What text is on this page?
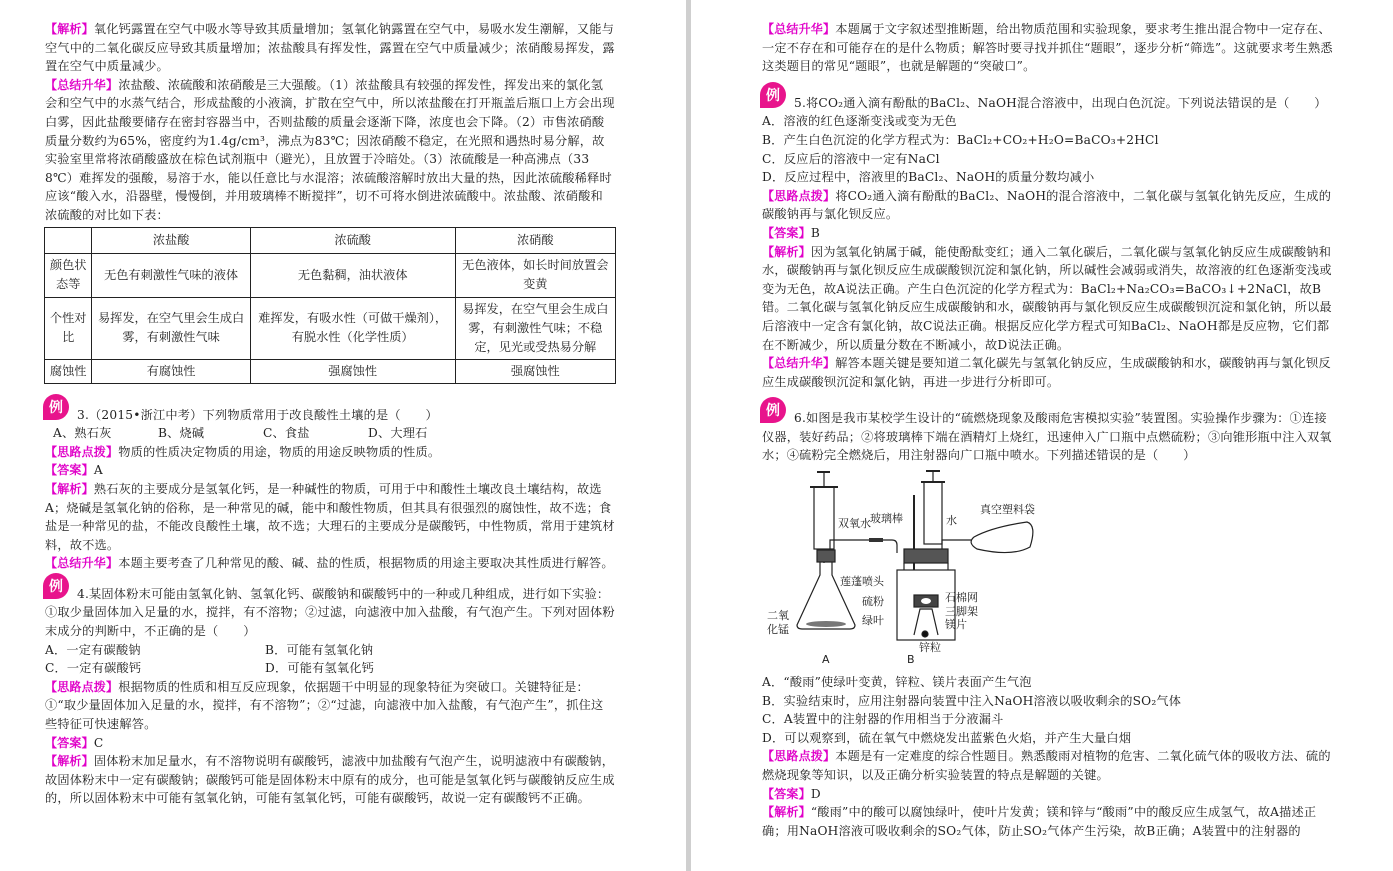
【解析】氧化钙露置在空气中吸水等导致其质量增加；氢氧化钠露置在空气中，易吸水发生潮解，又能与空气中的二氧化碳反应导致其质量增加；浓盐酸具有挥发性，露置在空气中质量减少；浓硝酸易挥发，露置在空气中质量减少。

【总结升华】浓盐酸、浓硫酸和浓硝酸是三大强酸。（1）浓盐酸具有较强的挥发性，挥发出来的氯化氢会和空气中的水蒸气结合，形成盐酸的小液滴，扩散在空气中，所以浓盐酸在打开瓶盖后瓶口上方会出现白雾，因此盐酸要储存在密封容器当中，否则盐酸的质量会逐渐下降，浓度也会下降。（2）市售浓硝酸质量分数约为65%，密度约为1.4g/cm³，沸点为83℃；因浓硝酸不稳定，在光照和遇热时易分解，故实验室里常将浓硝酸盛放在棕色试剂瓶中（避光），且放置于冷暗处。（3）浓硫酸是一种高沸点（338℃）难挥发的强酸，易溶于水，能以任意比与水混溶；浓硫酸溶解时放出大量的热，因此浓硫酸稀释时应该“酸入水，沿器壁，慢慢倒，并用玻璃棒不断搅拌”，切不可将水倒进浓硫酸中。浓盐酸、浓硝酸和浓硫酸的对比如下表：

	浓盐酸	浓硫酸	浓硝酸
颜色状态等	无色有刺激性气味的液体	无色黏稠，油状液体	无色液体，如长时间放置会变黄
个性对比	易挥发，在空气里会生成白雾，有刺激性气味	难挥发，有吸水性（可做干燥剂），有脱水性（化学性质）	易挥发，在空气里会生成白雾，有刺激性气味；不稳定，见光或受热易分解
腐蚀性	有腐蚀性	强腐蚀性	强腐蚀性
例	3.（2015•浙江中考）下列物质常用于改良酸性土壤的是（　　）

A、熟石灰	B、烧碱	C、食盐	D、大理石

【思路点拨】物质的性质决定物质的用途，物质的用途反映物质的性质。

【答案】A

【解析】熟石灰的主要成分是氢氧化钙，是一种碱性的物质，可用于中和酸性土壤改良土壤结构，故选A；烧碱是氢氧化钠的俗称，是一种常见的碱，能中和酸性物质，但其具有很强烈的腐蚀性，故不选；食盐是一种常见的盐，不能改良酸性土壤，故不选；大理石的主要成分是碳酸钙，中性物质，常用于建筑材料，故不选。

【总结升华】本题主要考查了几种常见的酸、碱、盐的性质，根据物质的用途主要取决其性质进行解答。

例	4.某固体粉末可能由氢氧化钠、氢氧化钙、碳酸钠和碳酸钙中的一种或几种组成，进行如下实验：①取少量固体加入足量的水，搅拌，有不溶物；②过滤，向滤液中加入盐酸，有气泡产生。下列对固体粉末成分的判断中，不正确的是（　　）

A．一定有碳酸钠	B．可能有氢氧化钠

C．一定有碳酸钙	D．可能有氢氧化钙

【思路点拨】根据物质的性质和相互反应现象，依据题干中明显的现象特征为突破口。关键特征是：①“取少量固体加入足量的水，搅拌，有不溶物”；②“过滤，向滤液中加入盐酸，有气泡产生”，抓住这些特征可快速解答。

【答案】C

【解析】固体粉末加足量水，有不溶物说明有碳酸钙，滤液中加盐酸有气泡产生，说明滤液中有碳酸钠，故固体粉末中一定有碳酸钠；碳酸钙可能是固体粉末中原有的成分，也可能是氢氧化钙与碳酸钠反应生成的，所以固体粉末中可能有氢氧化钠，可能有氢氧化钙，可能有碳酸钙，故说一定有碳酸钙不正确。

【总结升华】本题属于文字叙述型推断题，给出物质范围和实验现象，要求考生推出混合物中一定存在、一定不存在和可能存在的是什么物质；解答时要寻找并抓住“题眼”，逐步分析“筛选”。这就要求考生熟悉这类题目的常见“题眼”，也就是解题的“突破口”。

例	5.将CO₂通入滴有酚酞的BaCl₂、NaOH混合溶液中，出现白色沉淀。下列说法错误的是（　　）

A．溶液的红色逐渐变浅或变为无色

B．产生白色沉淀的化学方程式为：BaCl₂+CO₂+H₂O=BaCO₃+2HCl

C．反应后的溶液中一定有NaCl

D．反应过程中，溶液里的BaCl₂、NaOH的质量分数均减小

【思路点拨】将CO₂通入滴有酚酞的BaCl₂、NaOH的混合溶液中，二氧化碳与氢氧化钠先反应，生成的碳酸钠再与氯化钡反应。

【答案】B

【解析】因为氢氧化钠属于碱，能使酚酞变红；通入二氧化碳后，二氧化碳与氢氧化钠反应生成碳酸钠和水，碳酸钠再与氯化钡反应生成碳酸钡沉淀和氯化钠，所以碱性会减弱或消失，故溶液的红色逐渐变浅或变为无色，故A说法正确。产生白色沉淀的化学方程式为：BaCl₂+Na₂CO₃=BaCO₃↓+2NaCl，故B错。二氧化碳与氢氧化钠反应生成碳酸钠和水，碳酸钠再与氯化钡反应生成碳酸钡沉淀和氯化钠，所以最后溶液中一定含有氯化钠，故C说法正确。根据反应化学方程式可知BaCl₂、NaOH都是反应物，它们都在不断减少，所以质量分数在不断减小，故D说法正确。

【总结升华】解答本题关键是要知道二氧化碳先与氢氧化钠反应，生成碳酸钠和水，碳酸钠再与氯化钡反应生成碳酸钡沉淀和氯化钠，再进一步进行分析即可。

例	6.如图是我市某校学生设计的“硫燃烧现象及酸雨危害模拟实验”装置图。实验操作步骤为：①连接仪器，装好药品；②将玻璃棒下端在酒精灯上烧红，迅速伸入广口瓶中点燃硫粉；③向锥形瓶中注入双氧水；④硫粉完全燃烧后，用注射器向广口瓶中喷水。下列描述错误的是（　　）

双氧水 玻璃棒	水
真空塑料袋
莲蓬喷头
硫粉
绿叶
石棉网
三脚架
镁片
二氧
化锰
锌粒
A	B

A．“酸雨”使绿叶变黄，锌粒、镁片表面产生气泡

B．实验结束时，应用注射器向装置中注入NaOH溶液以吸收剩余的SO₂气体

C．A装置中的注射器的作用相当于分液漏斗

D．可以观察到，硫在氧气中燃烧发出蓝紫色火焰，并产生大量白烟

【思路点拨】本题是有一定难度的综合性题目。熟悉酸雨对植物的危害、二氧化硫气体的吸收方法、硫的燃烧现象等知识，以及正确分析实验装置的特点是解题的关键。

【答案】D

【解析】“酸雨”中的酸可以腐蚀绿叶，使叶片发黄；镁和锌与“酸雨”中的酸反应生成氢气，故A描述正确；用NaOH溶液可吸收剩余的SO₂气体，防止SO₂气体产生污染，故B正确；A装置中的注射器的
